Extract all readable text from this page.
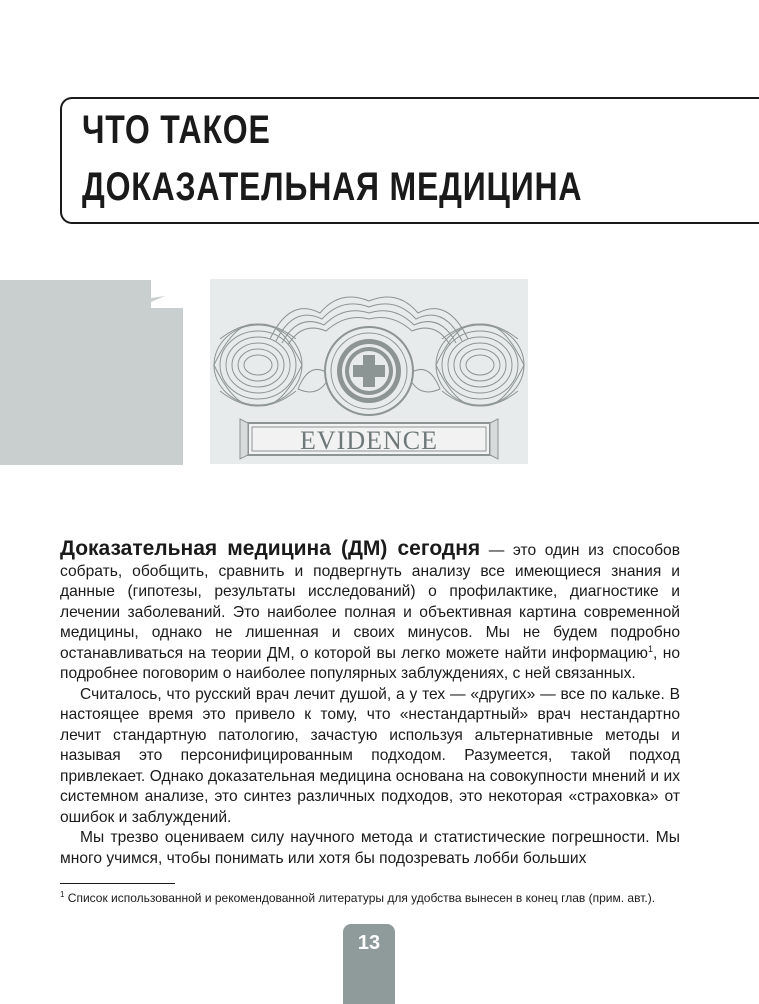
ЧТО ТАКОЕ
ДОКАЗАТЕЛЬНАЯ МЕДИЦИНА
EVIDENCE

Доказательная медицина (ДМ) сегодня — это один из способов собрать, обобщить, сравнить и подвергнуть анализу все имеющиеся знания и данные (гипотезы, результаты исследований) о профилактике, диагностике и лечении заболеваний. Это наиболее полная и объективная картина современной медицины, однако не лишенная и своих минусов. Мы не будем подробно останавливаться на теории ДМ, о которой вы легко можете найти информацию$^1$, но подробнее поговорим о наиболее популярных заблуждениях, с ней связанных.

Считалось, что русский врач лечит душой, а у тех — «других» — все по кальке. В настоящее время это привело к тому, что «нестандартный» врач нестандартно лечит стандартную патологию, зачастую используя альтернативные методы и называя это персонифицированным подходом. Разумеется, такой подход привлекает. Однако доказательная медицина основана на совокупности мнений и их системном анализе, это синтез различных подходов, это некоторая «страховка» от ошибок и заблуждений.

Мы трезво оцениваем силу научного метода и статистические погрешности. Мы много учимся, чтобы понимать или хотя бы подозревать лобби больших

$^1$ Список использованной и рекомендованной литературы для удобства вынесен в конец глав (прим. авт.).
13
